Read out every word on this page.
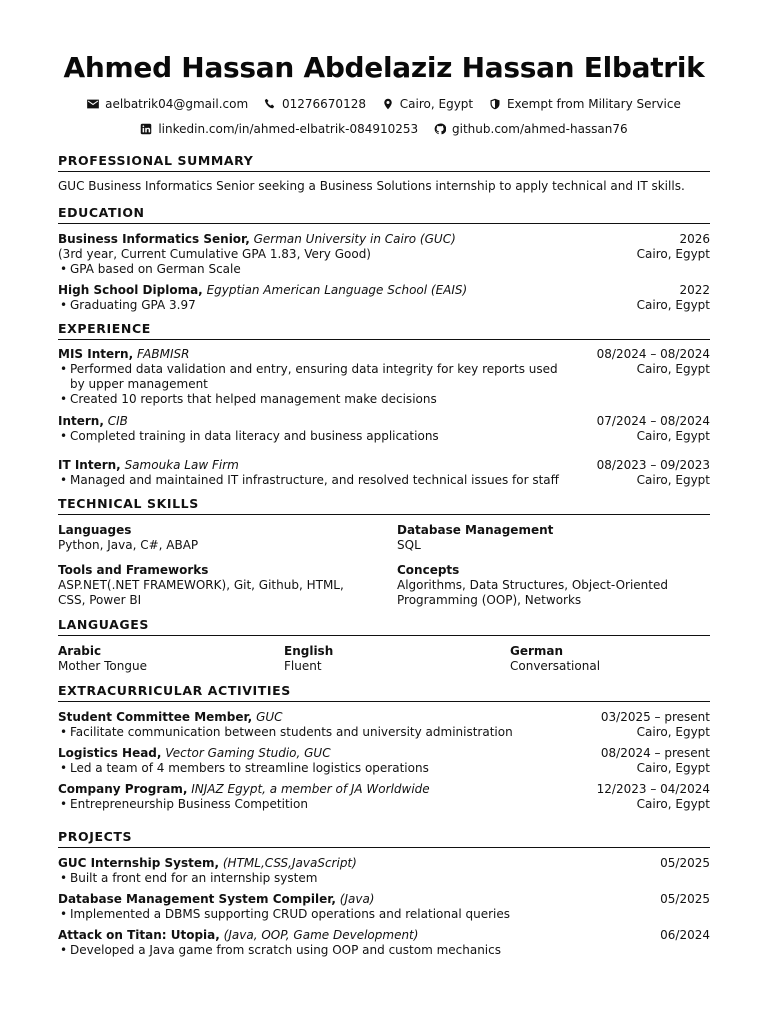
Ahmed Hassan Abdelaziz Hassan Elbatrik
aelbatrik04@gmail.com
	01276670128
	Cairo, Egypt
	Exempt from Military Service
linkedin.com/in/ahmed-elbatrik-084910253
	github.com/ahmed-hassan76
PROFESSIONAL SUMMARY
GUC Business Informatics Senior seeking a Business Solutions internship to apply technical and IT skills.
EDUCATION
Business Informatics Senior, German University in Cairo (GUC)	2026
(3rd year, Current Cumulative GPA 1.83, Very Good)	Cairo, Egypt
• GPA based on German Scale
High School Diploma, Egyptian American Language School (EAIS)	2022
• Graduating GPA 3.97	Cairo, Egypt
EXPERIENCE
MIS Intern, FABMISR	08/2024 – 08/2024
• Performed data validation and entry, ensuring data integrity for key reports used by upper management
Cairo, Egypt
• Created 10 reports that helped management make decisions
Intern, CIB	07/2024 – 08/2024
• Completed training in data literacy and business applications	Cairo, Egypt
IT Intern, Samouka Law Firm	08/2023 – 09/2023
• Managed and maintained IT infrastructure, and resolved technical issues for staff	Cairo, Egypt
TECHNICAL SKILLS
Languages
Python, Java, C#, ABAP
Database Management
SQL
Tools and Frameworks
ASP.NET(.NET FRAMEWORK), Git, Github, HTML, CSS, Power BI
Concepts
Algorithms, Data Structures, Object-Oriented Programming (OOP), Networks
LANGUAGES
Arabic
Mother Tongue
English
Fluent
German
Conversational
EXTRACURRICULAR ACTIVITIES
Student Committee Member, GUC	03/2025 – present
• Facilitate communication between students and university administration	Cairo, Egypt
Logistics Head, Vector Gaming Studio, GUC	08/2024 – present
• Led a team of 4 members to streamline logistics operations	Cairo, Egypt
Company Program, INJAZ Egypt, a member of JA Worldwide	12/2023 – 04/2024
• Entrepreneurship Business Competition	Cairo, Egypt
PROJECTS
GUC Internship System, (HTML,CSS,JavaScript)	05/2025
• Built a front end for an internship system
Database Management System Compiler, (Java)	05/2025
• Implemented a DBMS supporting CRUD operations and relational queries
Attack on Titan: Utopia, (Java, OOP, Game Development)	06/2024
• Developed a Java game from scratch using OOP and custom mechanics
